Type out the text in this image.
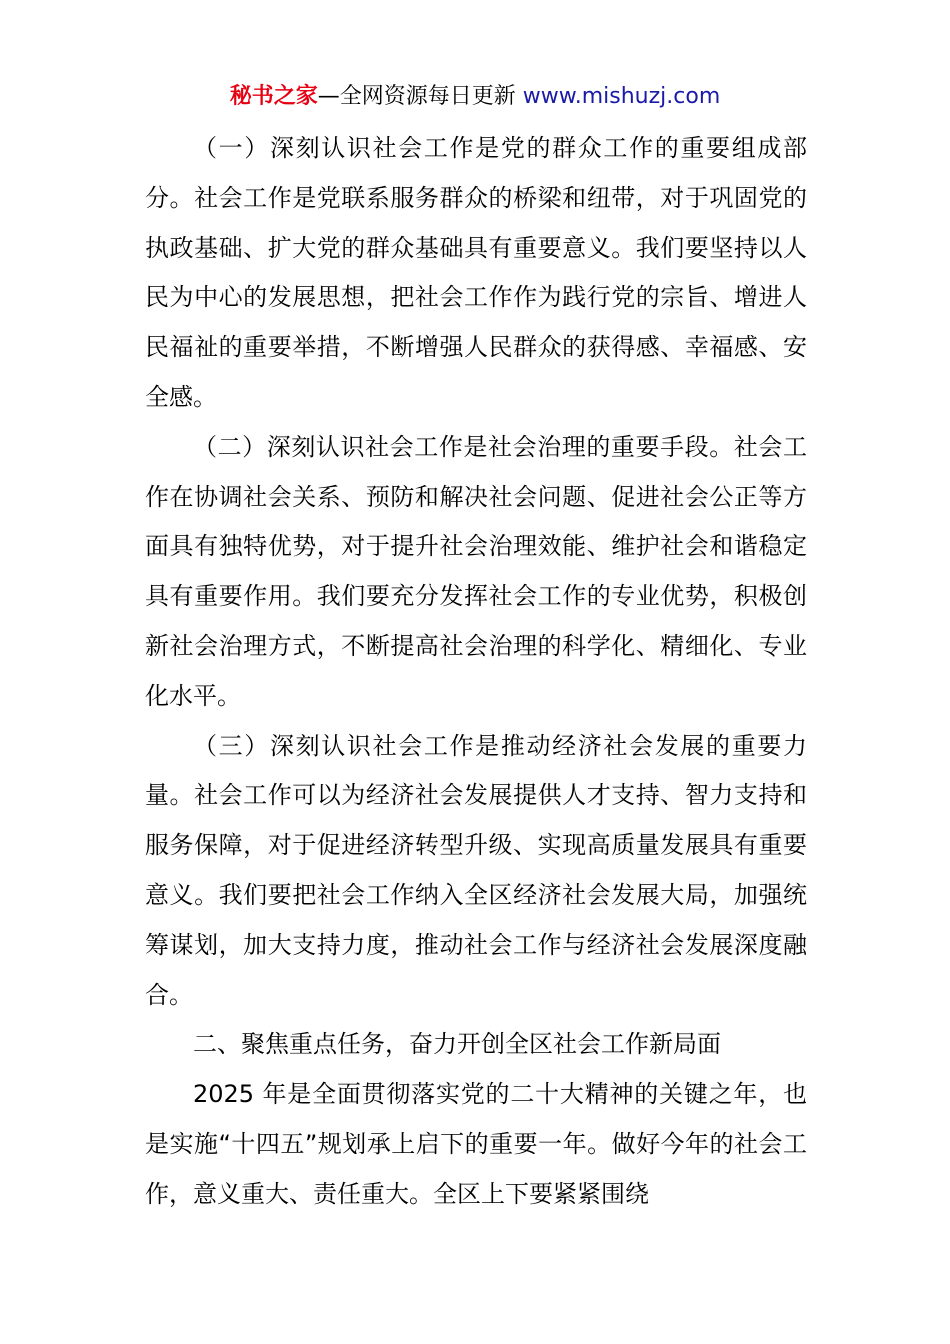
秘书之家—全网资源每日更新 www.mishuzj.com

（一）深刻认识社会工作是党的群众工作的重要组成部分。社会工作是党联系服务群众的桥梁和纽带，对于巩固党的执政基础、扩大党的群众基础具有重要意义。我们要坚持以人民为中心的发展思想，把社会工作作为践行党的宗旨、增进人民福祉的重要举措，不断增强人民群众的获得感、幸福感、安全感。

（二）深刻认识社会工作是社会治理的重要手段。社会工作在协调社会关系、预防和解决社会问题、促进社会公正等方面具有独特优势，对于提升社会治理效能、维护社会和谐稳定具有重要作用。我们要充分发挥社会工作的专业优势，积极创新社会治理方式，不断提高社会治理的科学化、精细化、专业化水平。

（三）深刻认识社会工作是推动经济社会发展的重要力量。社会工作可以为经济社会发展提供人才支持、智力支持和服务保障，对于促进经济转型升级、实现高质量发展具有重要意义。我们要把社会工作纳入全区经济社会发展大局，加强统筹谋划，加大支持力度，推动社会工作与经济社会发展深度融合。

二、聚焦重点任务，奋力开创全区社会工作新局面

2025 年是全面贯彻落实党的二十大精神的关键之年，也是实施“十四五”规划承上启下的重要一年。做好今年的社会工作，意义重大、责任重大。全区上下要紧紧围绕
